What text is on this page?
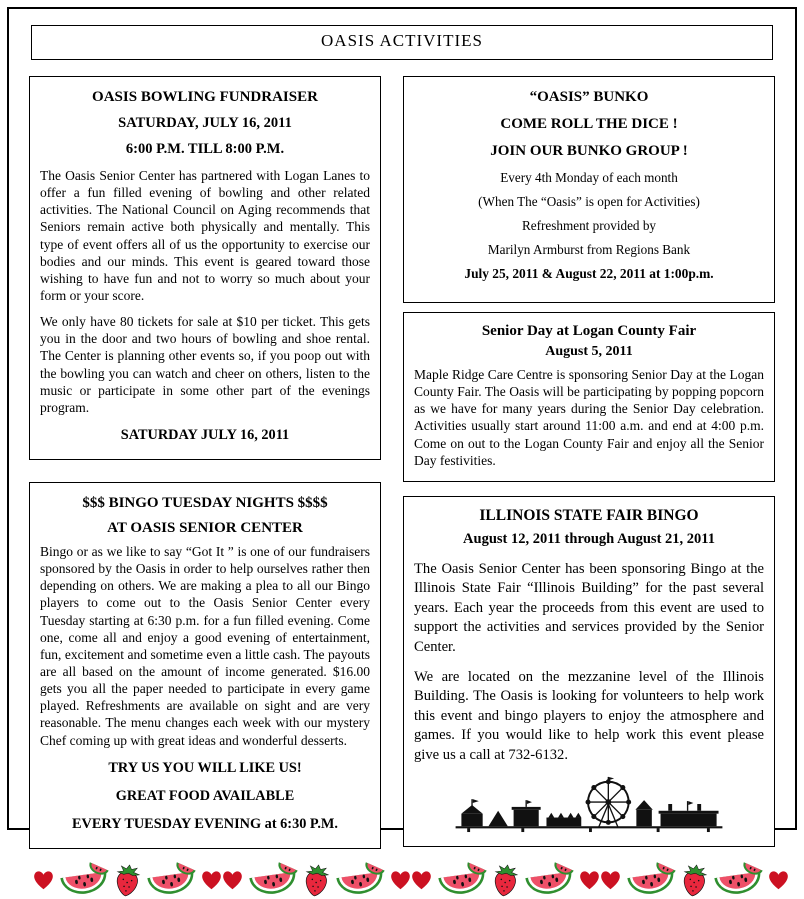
OASIS ACTIVITIES
OASIS BOWLING FUNDRAISER
SATURDAY, JULY 16, 2011
6:00 P.M. TILL 8:00 P.M.

The Oasis Senior Center has partnered with Logan Lanes to offer a fun filled evening of bowling and other related activities. The National Council on Aging recommends that Seniors remain active both physically and mentally. This type of event offers all of us the opportunity to exercise our bodies and our minds. This event is geared toward those wishing to have fun and not to worry so much about your form or your score.

We only have 80 tickets for sale at $10 per ticket. This gets you in the door and two hours of bowling and shoe rental. The Center is planning other events so, if you poop out with the bowling you can watch and cheer on others, listen to the music or participate in some other part of the evenings program.

SATURDAY JULY 16, 2011
$$$ BINGO TUESDAY NIGHTS $$$$
AT OASIS SENIOR CENTER

Bingo or as we like to say “Got It ” is one of our fundraisers sponsored by the Oasis in order to help ourselves rather then depending on others. We are making a plea to all our Bingo players to come out to the Oasis Senior Center every Tuesday starting at 6:30 p.m. for a fun filled evening. Come one, come all and enjoy a good evening of entertainment, fun, excitement and sometime even a little cash. The payouts are all based on the amount of income generated. $16.00 gets you all the paper needed to participate in every game played. Refreshments are available on sight and are very reasonable. The menu changes each week with our mystery Chef coming up with great ideas and wonderful desserts.

TRY US YOU WILL LIKE US!
GREAT FOOD AVAILABLE
EVERY TUESDAY EVENING at 6:30 P.M.
“OASIS” BUNKO

COME ROLL THE DICE !

JOIN OUR BUNKO GROUP !

Every 4th Monday of each month

(When The “Oasis” is open for Activities)

Refreshment provided by

Marilyn Armburst from Regions Bank

July 25, 2011 & August 22, 2011 at 1:00p.m.

Senior Day at Logan County Fair
August 5, 2011

Maple Ridge Care Centre is sponsoring Senior Day at the Logan County Fair. The Oasis will be participating by popping popcorn as we have for many years during the Senior Day celebration. Activities usually start around 11:00 a.m. and end at 4:00 p.m. Come on out to the Logan County Fair and enjoy all the Senior Day festivities.

ILLINOIS STATE FAIR BINGO
August 12, 2011 through August 21, 2011

The Oasis Senior Center has been sponsoring Bingo at the Illinois State Fair “Illinois Building” for the past several years. Each year the proceeds from this event are used to support the activities and services provided by the Senior Center.

We are located on the mezzanine level of the Illinois Building. The Oasis is looking for volunteers to help work this event and bingo players to enjoy the atmosphere and games. If you would like to help work this event please give us a call at 732-6132.
